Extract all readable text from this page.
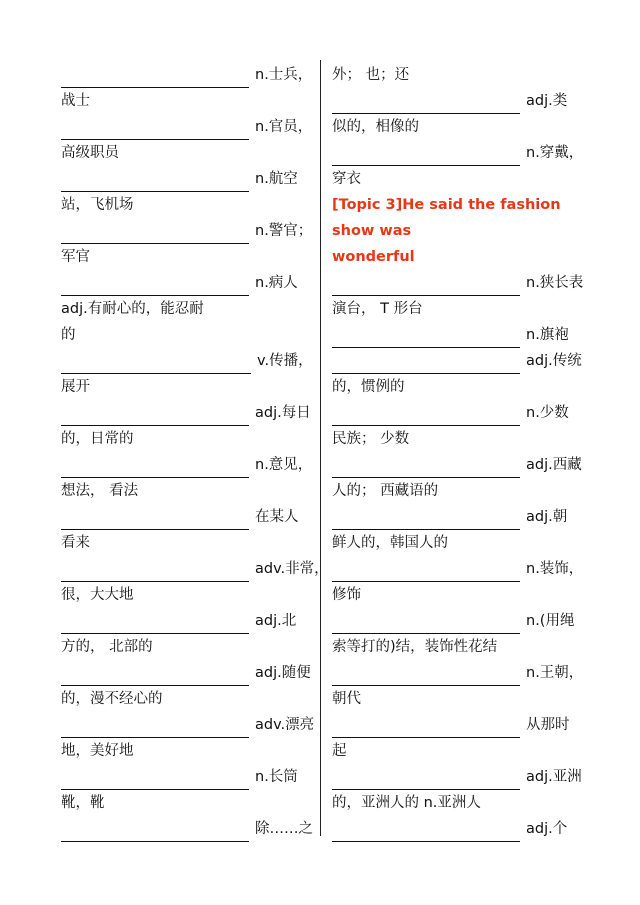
n.士兵，
战士
n.官员，
高级职员
n.航空
站，飞机场
n.警官；
军官
n.病人
adj.有耐心的，能忍耐
的
v.传播，
展开
adj.每日
的，日常的
n.意见，
想法， 看法
在某人
看来
adv.非常，
很，大大地
adj.北
方的， 北部的
adj.随便
的，漫不经心的
adv.漂亮
地，美好地
n.长筒
靴，靴
除……之
外； 也；还
adj.类
似的，相像的
n.穿戴，
穿衣
[Topic 3]He said the fashion
show was
wonderful
n.狭长表
演台， T 形台
n.旗袍
adj.传统
的，惯例的
n.少数
民族； 少数
adj.西藏
人的； 西藏语的
adj.朝
鲜人的，韩国人的
n.装饰，
修饰
n.(用绳
索等打的)结，装饰性花结
n.王朝，
朝代
从那时
起
adj.亚洲
的，亚洲人的 n.亚洲人
adj.个
